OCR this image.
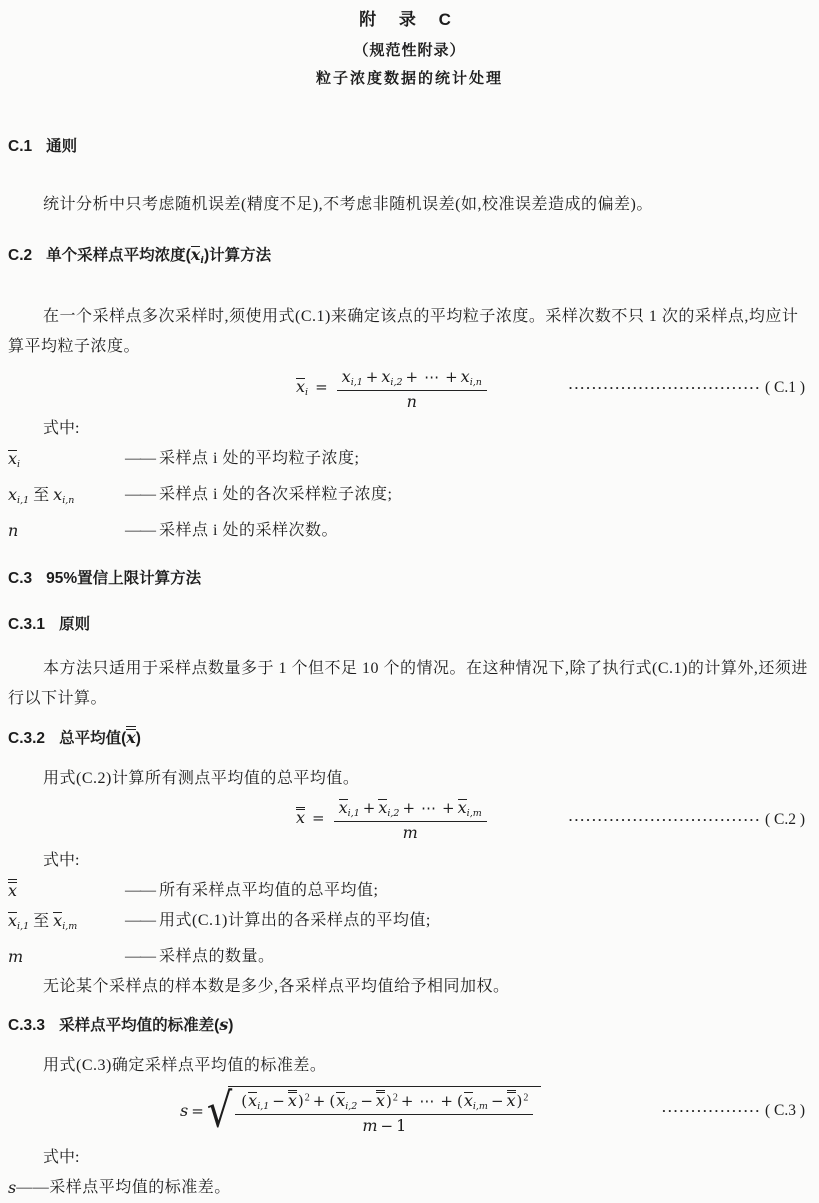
附 录 C
（规范性附录）
粒子浓度数据的统计处理
C.1 通则

统计分析中只考虑随机误差(精度不足),不考虑非随机误差(如,校准误差造成的偏差)。

C.2 单个采样点平均浓度$(x_i)$计算方法

在一个采样点多次采样时,须使用式(C.1)来确定该点的平均粒子浓度。采样次数不只 1 次的采样点,均应计算平均粒子浓度。

$x_i = \frac{x_{i,1} + x_{i,2} + \cdots + x_{i,n}}{n}$	································· ( C.1 )
式中:
$x_i$	—— 采样点 i 处的平均粒子浓度;
$x_{i,1}$ 至 $x_{i,n}$	—— 采样点 i 处的各次采样粒子浓度;
n	—— 采样点 i 处的采样次数。
C.3 95%置信上限计算方法
C.3.1 原则

本方法只适用于采样点数量多于 1 个但不足 10 个的情况。在这种情况下,除了执行式(C.1)的计算外,还须进行以下计算。

C.3.2 总平均值(x)

用式(C.2)计算所有测点平均值的总平均值。

$x = \frac{x_{i,1} + x_{i,2} + \cdots + x_{i,m}}{m}$	································· ( C.2 )
式中:
x	—— 所有采样点平均值的总平均值;
$x_{i,1}$ 至 $x_{i,m}$	—— 用式(C.1)计算出的各采样点的平均值;
m	—— 采样点的数量。

无论某个采样点的样本数是多少,各采样点平均值给予相同加权。

C.3.3 采样点平均值的标准差(s)

用式(C.3)确定采样点平均值的标准差。

s = √ $\frac{(x_{i,1} - x)^2 + (x_{i,2} - x)^2 + \cdots + (x_{i,m} - x)^2}{m - 1}$	················· ( C.3 )
式中:
s ——采样点平均值的标准差。
